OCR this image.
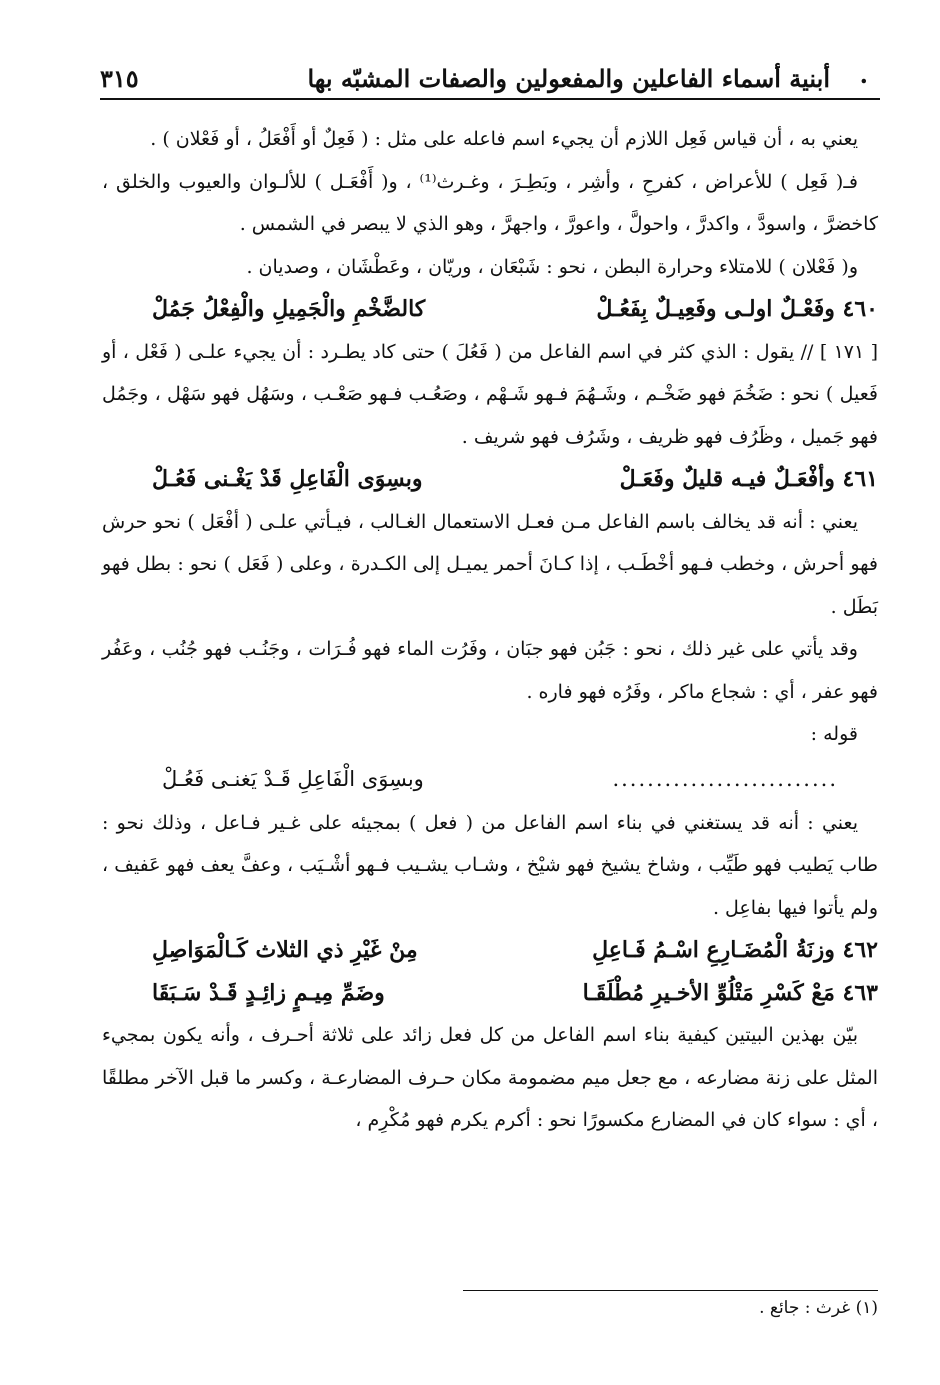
.
أبنية أسماء الفاعلين والمفعولين والصفات المشبّه بها
٣١٥

يعني به ، أن قياس فَعِل اللازم أن يجيء اسم فاعله على مثل : ( فَعِلٌ أو أَفْعَلُ ، أو فَعْلان ) .

فـ( فَعِل ) للأعراض ، كفرحِ ، وأشِر ، وبَطِـرَ ، وغـرث⁽¹⁾ ، و( أَفْعَـل ) للألـوان والعيوب والخلق ، كاخضرَّ ، واسودَّ ، واكدرَّ ، واحولَّ ، واعورَّ ، واجهرَّ ، وهو الذي لا يبصر في الشمس .

و( فَعْلان ) للامتلاء وحرارة البطن ، نحو : شَبْعَان ، وريّان ، وعَطْشَان ، وصديان .

٤٦٠ وفَعْـلٌ اولـى وفَعِيـلٌ بِفَعُـلْ
كالضَّخْمِ والْجَمِيلِ والْفِعْلُ جَمُلْ

[ ١٧١ ] // يقول : الذي كثر في اسم الفاعل من ( فَعُلَ ) حتى كاد يطـرد : أن يجيء علـى ( فَعْل ، أو فَعيل ) نحو : ضَخُمَ فهو ضَخْـم ، وشَـهُمَ فـهو شَـهْم ، وصَعُـب فـهو صَعْـب ، وسَهُل فهو سَهْل ، وجَمُل فهو جَميل ، وظَرُف فهو ظريف ، وشَرُف فهو شريف .

٤٦١ وأفْعَـلٌ فيـه قليلٌ وفَعَـلْ
وبسِوَى الْفَاعِلِ قَدْ يَغْـنى فَعُـلْ

يعني : أنه قد يخالف باسم الفاعل مـن فعـل الاستعمال الغـالب ، فيـأتي علـى ( أفْعَل ) نحو حرش فهو أحرش ، وخطب فـهو أخْطَـب ، إذا كـانَ أحمر يميـل إلى الكـدرة ، وعلى ( فَعَل ) نحو : بطل فهو بَطَل .

وقد يأتي على غير ذلك ، نحو : جَبُن فهو جبَان ، وفَرُت الماء فهو فُـرَات ، وجَنُـب فهو جُنُب ، وعَفُر فهو عفر ، أي : شجاع ماكر ، وفَرُه فهو فاره .

قوله :

..........................
وبسِوَى الْفَاعِلِ قَـدْ يَغنـى فَعُـلْ

يعني : أنه قد يستغني في بناء اسم الفاعل من ( فعل ) بمجيئه على غـير فـاعل ، وذلك نحو : طاب يَطيب فهو طَيِّب ، وشاخ يشيخ فهو شيْخ ، وشـاب يشـيب فـهو أشْـيَب ، وعفَّ يعف فهو عَفيف ، ولم يأتوا فيها بفاعِل .

٤٦٢ وزنَةُ الْمُضَـارِعِ اسْـمُ فَـاعِلِ
مِنْ غَيْرِ ذي الثلاث كَـالْمَوَاصِلِ
٤٦٣ مَعْ كَسْرِ مَتْلُوِّ الأخـيرِ مُطْلَقَـا
وضَمِّ مِيـمٍ زائِـدٍ قَـدْ سَـبَقَا

بيّن بهذين البيتين كيفية بناء اسم الفاعل من كل فعل زائد على ثلاثة أحـرف ، وأنه يكون بمجيء المثل على زنة مضارعه ، مع جعل ميم مضمومة مكان حـرف المضارعـة ، وكسر ما قبل الآخر مطلقًا ، أي : سواء كان في المضارع مكسورًا نحو : أكرم يكرم فهو مُكْرِم ،

(١) غرث : جائع .
